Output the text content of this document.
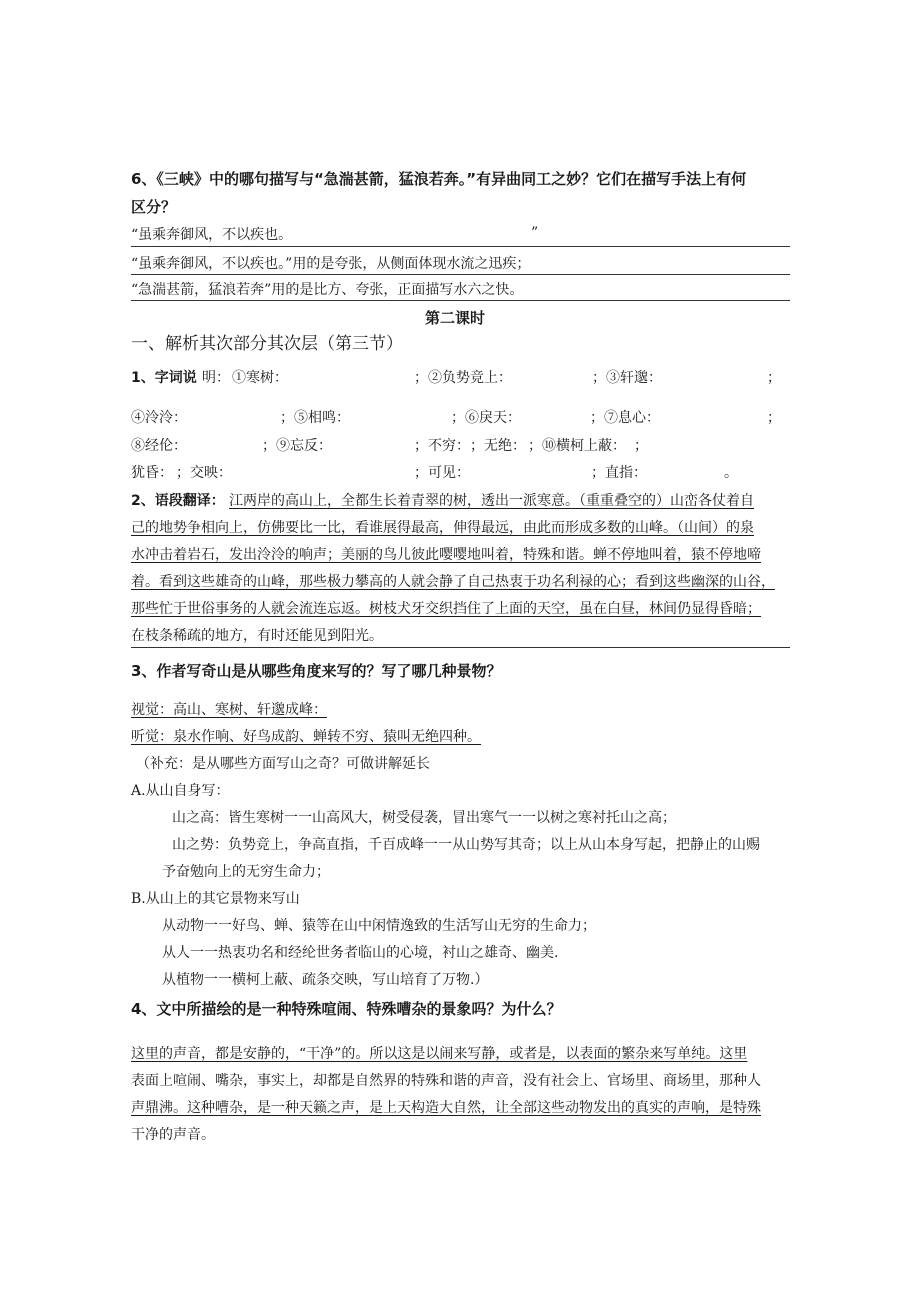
6、《三峡》中的哪句描写与“急湍甚箭，猛浪若奔。”有异曲同工之妙？它们在描写手法上有何
区分？
“虽乘奔御风，不以疾也。	”
“虽乘奔御风，不以疾也。”用的是夸张，从侧面体现水流之迅疾；
“急湍甚箭，猛浪若奔”用的是比方、夸张，正面描写水六之快。
第二课时
一、解析其次部分其次层（第三节）
1、字词说 明： ①寒树：	；②负势竞上：	；③轩邈：	；
④泠泠：	；⑤相鸣：	；⑥戾天：	；⑦息心：	；
⑧经伦：	；⑨忘反：	；不穷： ；无绝： ；⑩横柯上蔽： ；
犹昏： ；交映：	；可见：	；直指：	。
2、语段翻译： 江两岸的高山上，全都生长着青翠的树，透出一派寒意。（重重叠空的）山峦各仗着自
己的地势争相向上，仿佛要比一比，看谁展得最高，伸得最远，由此而形成多数的山峰。（山间）的泉
水冲击着岩石，发出泠泠的响声；美丽的鸟儿彼此嘤嘤地叫着，特殊和谐。蝉不停地叫着，猿不停地啼
着。看到这些雄奇的山峰，那些极力攀高的人就会静了自己热衷于功名利禄的心；看到这些幽深的山谷，
那些忙于世俗事务的人就会流连忘返。树枝犬牙交织挡住了上面的天空，虽在白昼，林间仍显得昏暗；
在枝条稀疏的地方，有时还能见到阳光。
3、作者写奇山是从哪些角度来写的？写了哪几种景物？
视觉：高山、寒树、轩邈成峰：
听觉：泉水作响、好鸟成韵、蝉转不穷、猿叫无绝四种。
（补充：是从哪些方面写山之奇？可做讲解延长
A.从山自身写：
山之高：皆生寒树一一山高风大，树受侵袭，冒出寒气一一以树之寒衬托山之高；
山之势：负势竞上，争高直指，千百成峰一一从山势写其奇；以上从山本身写起，把静止的山赐
予奋勉向上的无穷生命力；
B.从山上的其它景物来写山
从动物一一好鸟、蝉、猿等在山中闲情逸致的生活写山无穷的生命力；
从人一一热衷功名和经纶世务者临山的心境，衬山之雄奇、幽美.
从植物一一横柯上蔽、疏条交映，写山培育了万物.）
4、文中所描绘的是一种特殊喧闹、特殊嘈杂的景象吗？为什么？
这里的声音，都是安静的，“干净”的。所以这是以闹来写静，或者是，以表面的繁杂来写单纯。这里
表面上喧闹、嘴杂，事实上，却都是自然界的特殊和谐的声音，没有社会上、官场里、商场里，那种人
声鼎沸。这种嘈杂，是一种天籁之声，是上天构造大自然，让全部这些动物发出的真实的声响，是特殊
干净的声音。
